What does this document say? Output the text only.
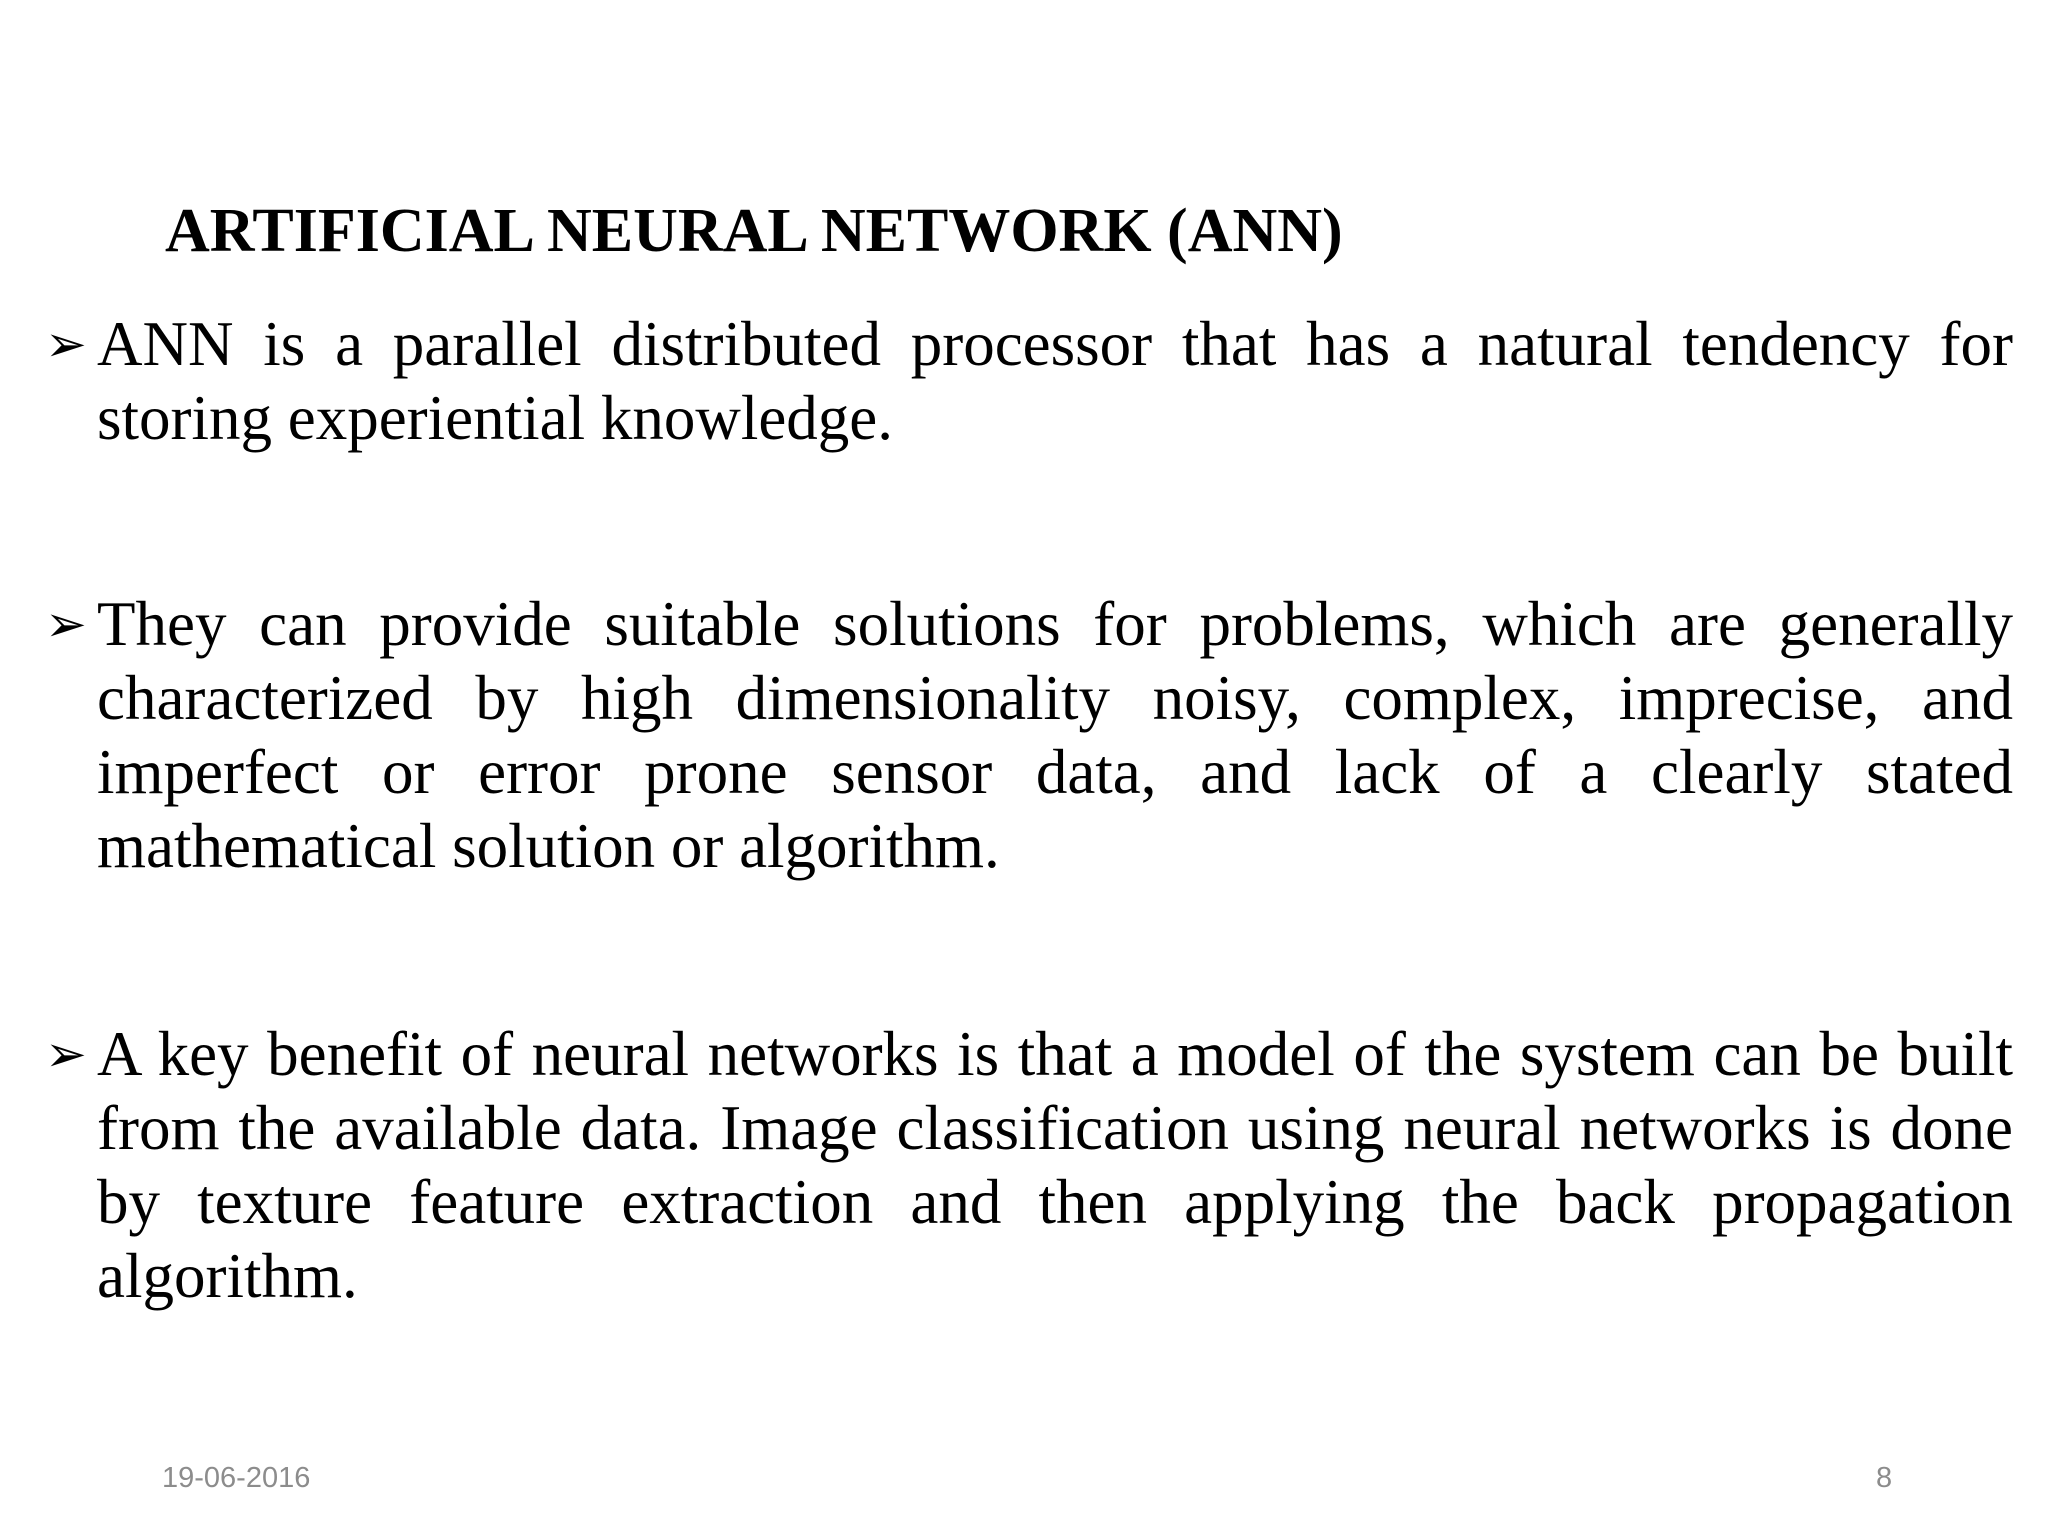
ARTIFICIAL NEURAL NETWORK (ANN)

➢ ANN is a parallel distributed processor that has a natural tendency for storing experiential knowledge.

➢ They can provide suitable solutions for problems, which are generally characterized by high dimensionality noisy, complex, imprecise, and imperfect or error prone sensor data, and lack of a clearly stated mathematical solution or algorithm.

➢ A key benefit of neural networks is that a model of the system can be built from the available data. Image classification using neural networks is done by texture feature extraction and then applying the back propagation algorithm.

19-06-2016	8
